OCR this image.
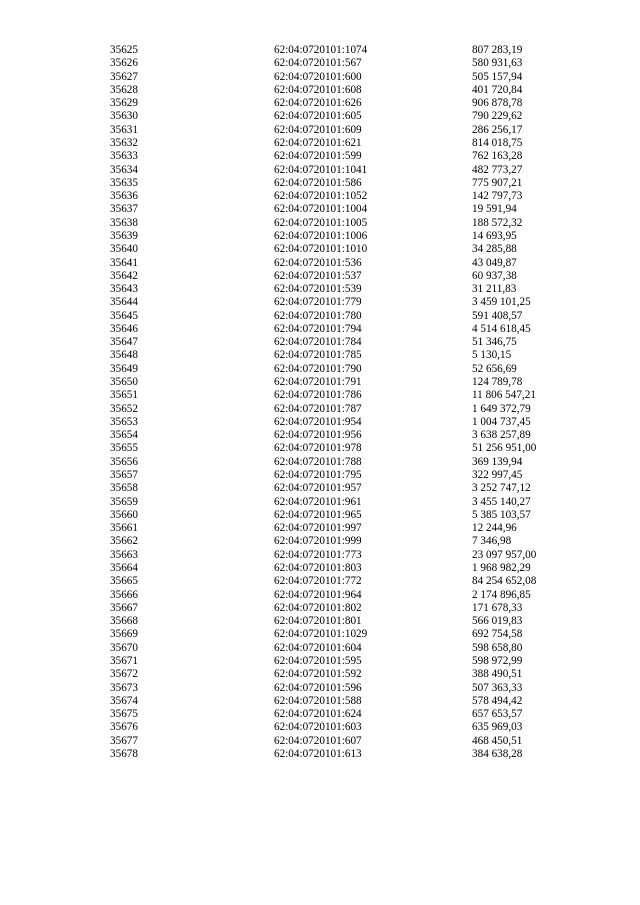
35625	62:04:0720101:1074	807 283,19
35626	62:04:0720101:567	580 931,63
35627	62:04:0720101:600	505 157,94
35628	62:04:0720101:608	401 720,84
35629	62:04:0720101:626	906 878,78
35630	62:04:0720101:605	790 229,62
35631	62:04:0720101:609	286 256,17
35632	62:04:0720101:621	814 018,75
35633	62:04:0720101:599	762 163,28
35634	62:04:0720101:1041	482 773,27
35635	62:04:0720101:586	775 907,21
35636	62:04:0720101:1052	142 797,73
35637	62:04:0720101:1004	19 591,94
35638	62:04:0720101:1005	188 572,32
35639	62:04:0720101:1006	14 693,95
35640	62:04:0720101:1010	34 285,88
35641	62:04:0720101:536	43 049,87
35642	62:04:0720101:537	60 937,38
35643	62:04:0720101:539	31 211,83
35644	62:04:0720101:779	3 459 101,25
35645	62:04:0720101:780	591 408,57
35646	62:04:0720101:794	4 514 618,45
35647	62:04:0720101:784	51 346,75
35648	62:04:0720101:785	5 130,15
35649	62:04:0720101:790	52 656,69
35650	62:04:0720101:791	124 789,78
35651	62:04:0720101:786	11 806 547,21
35652	62:04:0720101:787	1 649 372,79
35653	62:04:0720101:954	1 004 737,45
35654	62:04:0720101:956	3 638 257,89
35655	62:04:0720101:978	51 256 951,00
35656	62:04:0720101:788	369 139,94
35657	62:04:0720101:795	322 997,45
35658	62:04:0720101:957	3 252 747,12
35659	62:04:0720101:961	3 455 140,27
35660	62:04:0720101:965	5 385 103,57
35661	62:04:0720101:997	12 244,96
35662	62:04:0720101:999	7 346,98
35663	62:04:0720101:773	23 097 957,00
35664	62:04:0720101:803	1 968 982,29
35665	62:04:0720101:772	84 254 652,08
35666	62:04:0720101:964	2 174 896,85
35667	62:04:0720101:802	171 678,33
35668	62:04:0720101:801	566 019,83
35669	62:04:0720101:1029	692 754,58
35670	62:04:0720101:604	598 658,80
35671	62:04:0720101:595	598 972,99
35672	62:04:0720101:592	388 490,51
35673	62:04:0720101:596	507 363,33
35674	62:04:0720101:588	578 494,42
35675	62:04:0720101:624	657 653,57
35676	62:04:0720101:603	635 969,03
35677	62:04:0720101:607	468 450,51
35678	62:04:0720101:613	384 638,28
